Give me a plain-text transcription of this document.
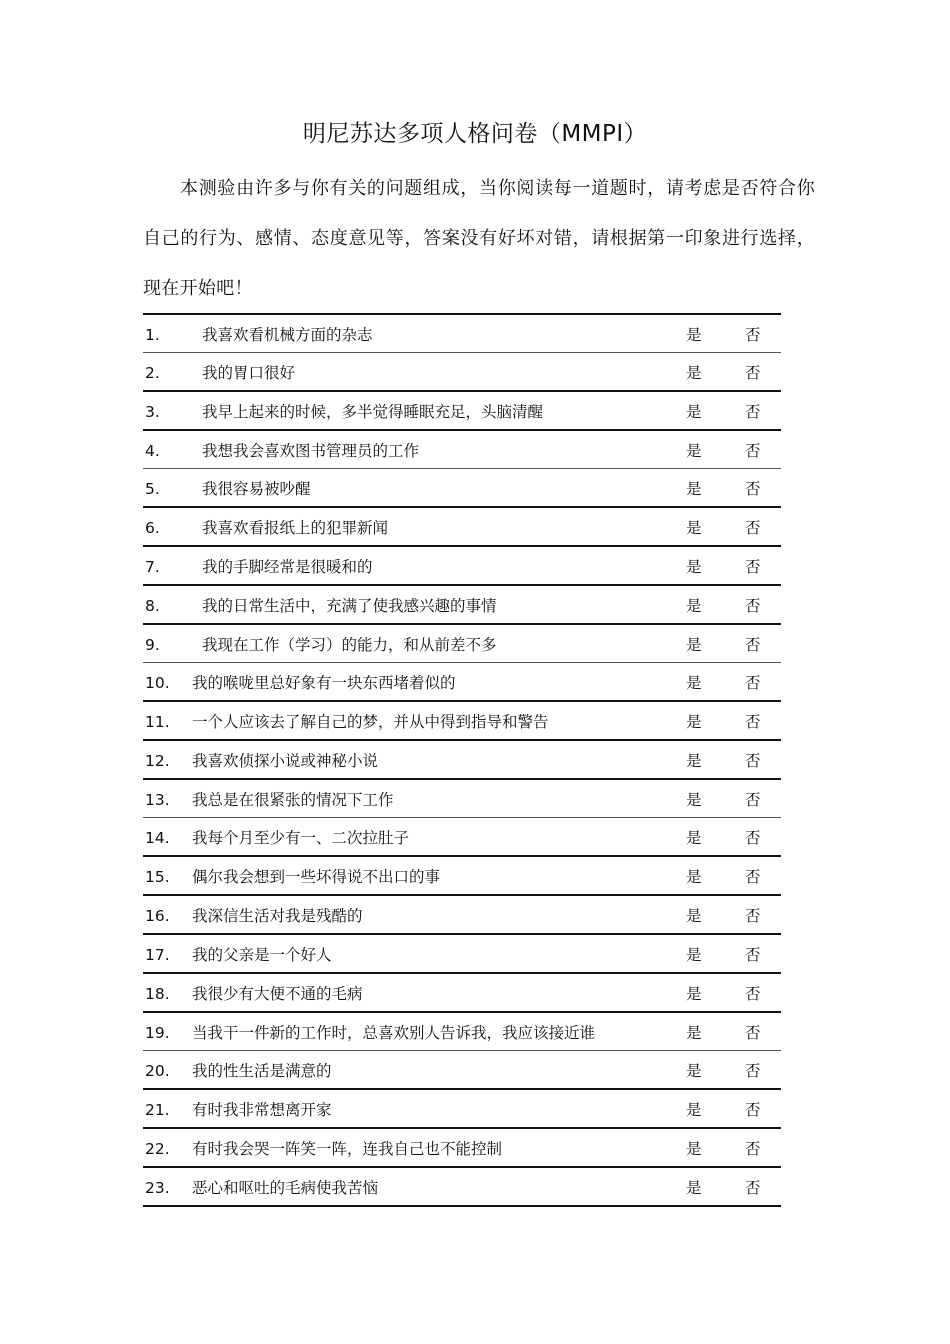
明尼苏达多项人格问卷（MMPI）

本测验由许多与你有关的问题组成，当你阅读每一道题时，请考虑是否符合你自己的行为、感情、态度意见等，答案没有好坏对错，请根据第一印象进行选择，现在开始吧！

1.	我喜欢看机械方面的杂志	是	否
2.	我的胃口很好	是	否
3.	我早上起来的时候，多半觉得睡眠充足，头脑清醒	是	否
4.	我想我会喜欢图书管理员的工作	是	否
5.	我很容易被吵醒	是	否
6.	我喜欢看报纸上的犯罪新闻	是	否
7.	我的手脚经常是很暖和的	是	否
8.	我的日常生活中，充满了使我感兴趣的事情	是	否
9.	我现在工作（学习）的能力，和从前差不多	是	否
10. 我的喉咙里总好象有一块东西堵着似的	是	否
11. 一个人应该去了解自己的梦，并从中得到指导和警告	是	否
12. 我喜欢侦探小说或神秘小说	是	否
13. 我总是在很紧张的情况下工作	是	否
14. 我每个月至少有一、二次拉肚子	是	否
15. 偶尔我会想到一些坏得说不出口的事	是	否
16. 我深信生活对我是残酷的	是	否
17. 我的父亲是一个好人	是	否
18. 我很少有大便不通的毛病	是	否
19. 当我干一件新的工作时，总喜欢别人告诉我，我应该接近谁	是	否
20. 我的性生活是满意的	是	否
21. 有时我非常想离开家	是	否
22. 有时我会哭一阵笑一阵，连我自己也不能控制	是	否
23. 恶心和呕吐的毛病使我苦恼	是	否
